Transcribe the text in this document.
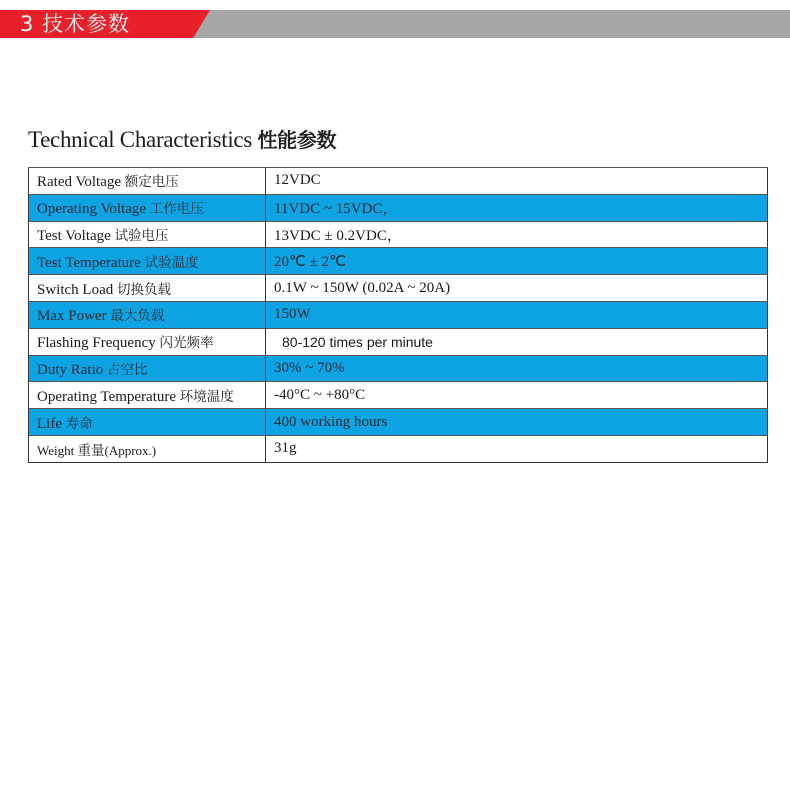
3 技术参数
Technical Characteristics 性能参数
Rated Voltage 额定电压	12VDC
Operating Voltage 工作电压	11VDC ~ 15VDC，
Test Voltage 试验电压	13VDC ± 0.2VDC，
Test Temperature 试验温度	20℃ ± 2℃
Switch Load 切换负载	0.1W ~ 150W (0.02A ~ 20A)
Max Power 最大负载	150W
Flashing Frequency 闪光频率	80-120 times per minute
Duty Ratio 占空比	30% ~ 70%
Operating Temperature 环境温度	-40°C ~ +80°C
Life 寿命	400 working hours
Weight 重量(Approx.)	31g
